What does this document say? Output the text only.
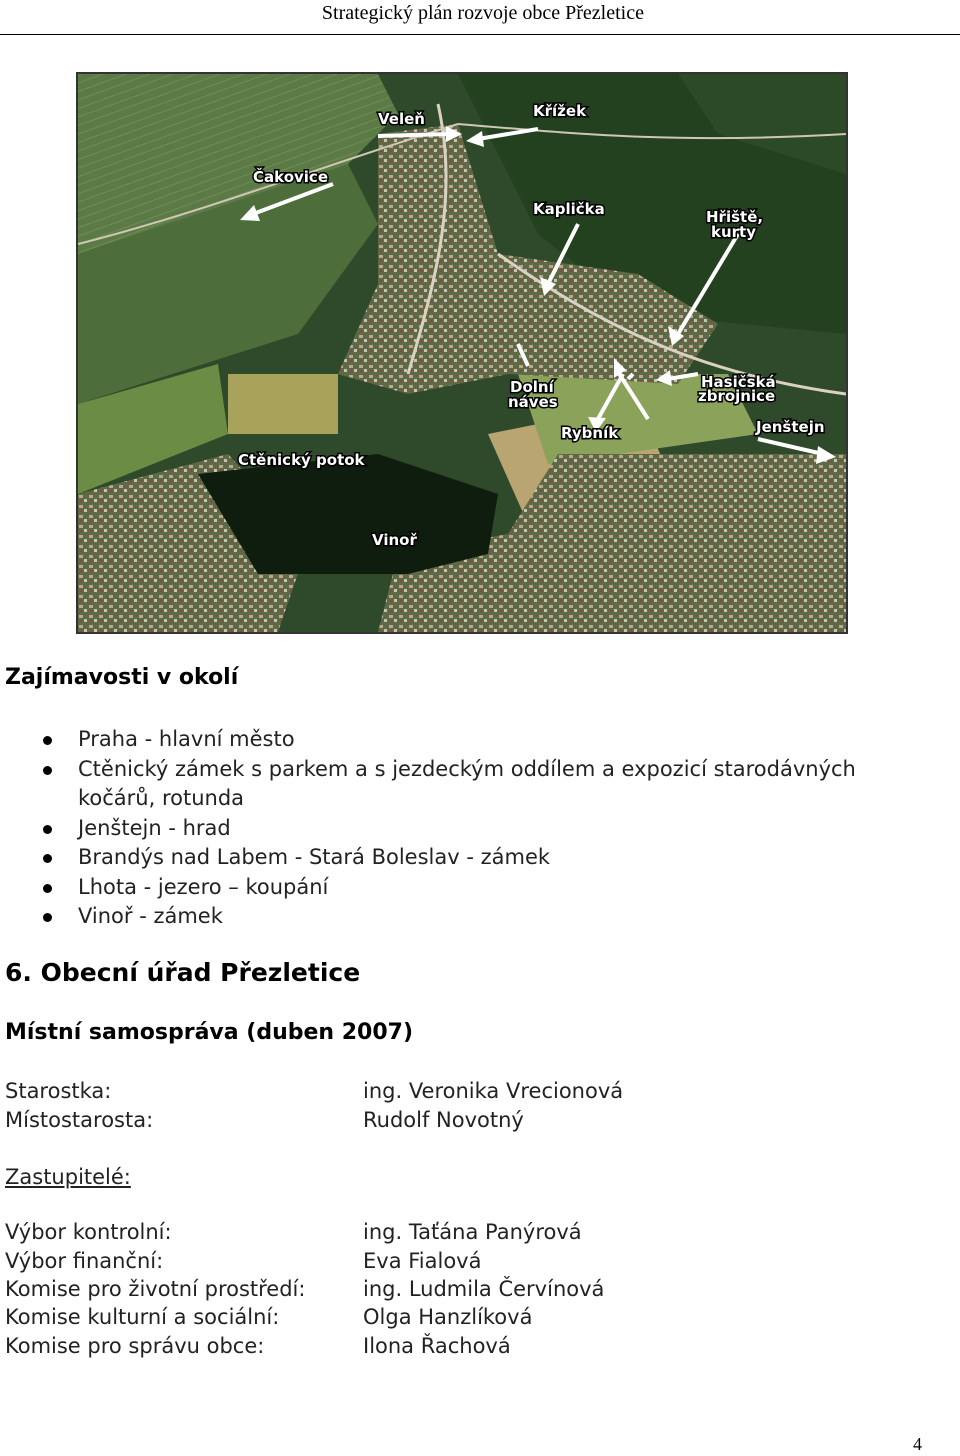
Strategický plán rozvoje obce Přezletice
Veleň	Křížek
Čakovice
Kaplička	Hřiště,
kurty
Hasičská
zbrojnice
Dolní
náves
Rybník	Jenštejn
Ctěnický potok
Vinoř
Zajímavosti v okolí
Praha - hlavní město
Ctěnický zámek s parkem a s jezdeckým oddílem a expozicí starodávných
kočárů, rotunda
Jenštejn - hrad
Brandýs nad Labem - Stará Boleslav - zámek
Lhota - jezero – koupání
Vinoř - zámek
6. Obecní úřad Přezletice
Místní samospráva (duben 2007)
Starostka:	ing. Veronika Vrecionová
Místostarosta:	Rudolf Novotný
Zastupitelé:
Výbor kontrolní:	ing. Taťána Panýrová
Výbor finanční:	Eva Fialová
Komise pro životní prostředí:	ing. Ludmila Červínová
Komise kulturní a sociální:	Olga Hanzlíková
Komise pro správu obce:	Ilona Řachová
4
